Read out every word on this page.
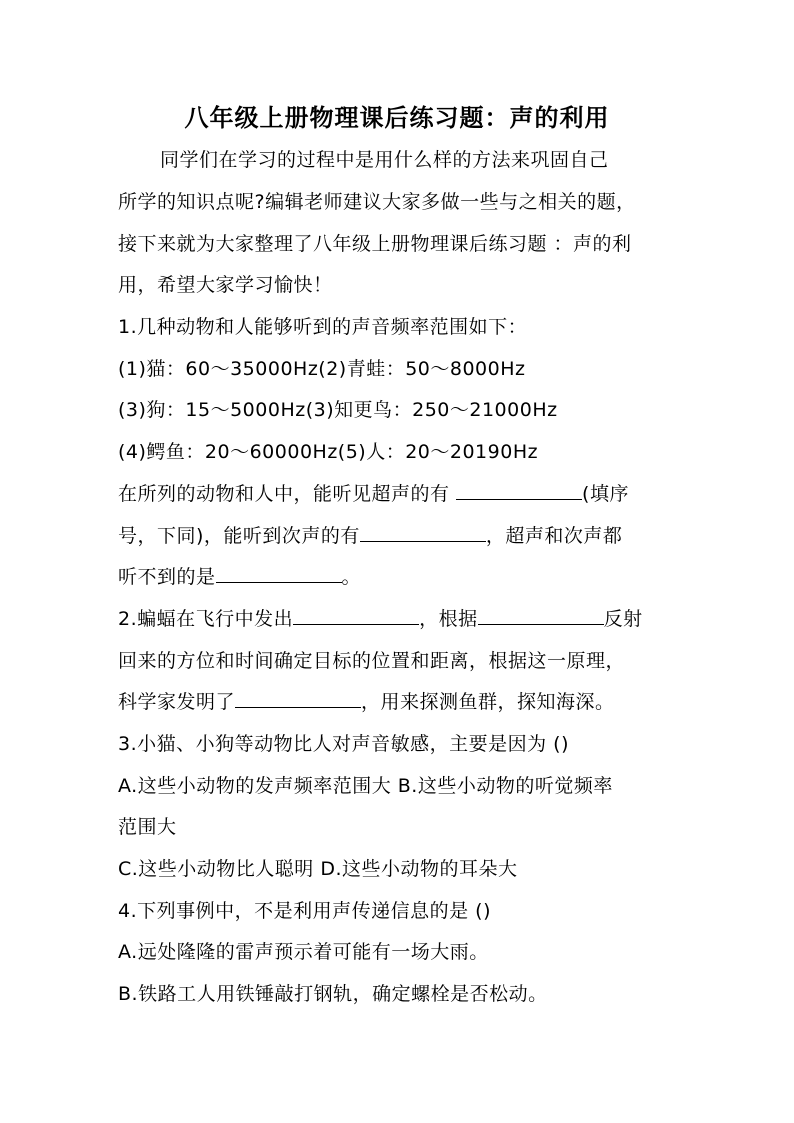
八年级上册物理课后练习题：声的利用
同学们在学习的过程中是用什么样的方法来巩固自己
所学的知识点呢?编辑老师建议大家多做一些与之相关的题，
接下来就为大家整理了八年级上册物理课后练习题 ：声的利
用，希望大家学习愉快！
1.几种动物和人能够听到的声音频率范围如下：
(1)猫：60～35000Hz(2)青蛙：50～8000Hz
(3)狗：15～5000Hz(3)知更鸟：250～21000Hz
(4)鳄鱼：20～60000Hz(5)人：20～20190Hz
在所列的动物和人中，能听见超声的有	(填序
号，下同)，能听到次声的有	，超声和次声都
听不到的是	。
2.蝙蝠在飞行中发出	，根据	反射
回来的方位和时间确定目标的位置和距离，根据这一原理，
科学家发明了	，用来探测鱼群，探知海深。
3.小猫、小狗等动物比人对声音敏感，主要是因为 ()
A.这些小动物的发声频率范围大 B.这些小动物的听觉频率
范围大
C.这些小动物比人聪明 D.这些小动物的耳朵大
4.下列事例中，不是利用声传递信息的是 ()
A.远处隆隆的雷声预示着可能有一场大雨。
B.铁路工人用铁锤敲打钢轨，确定螺栓是否松动。
